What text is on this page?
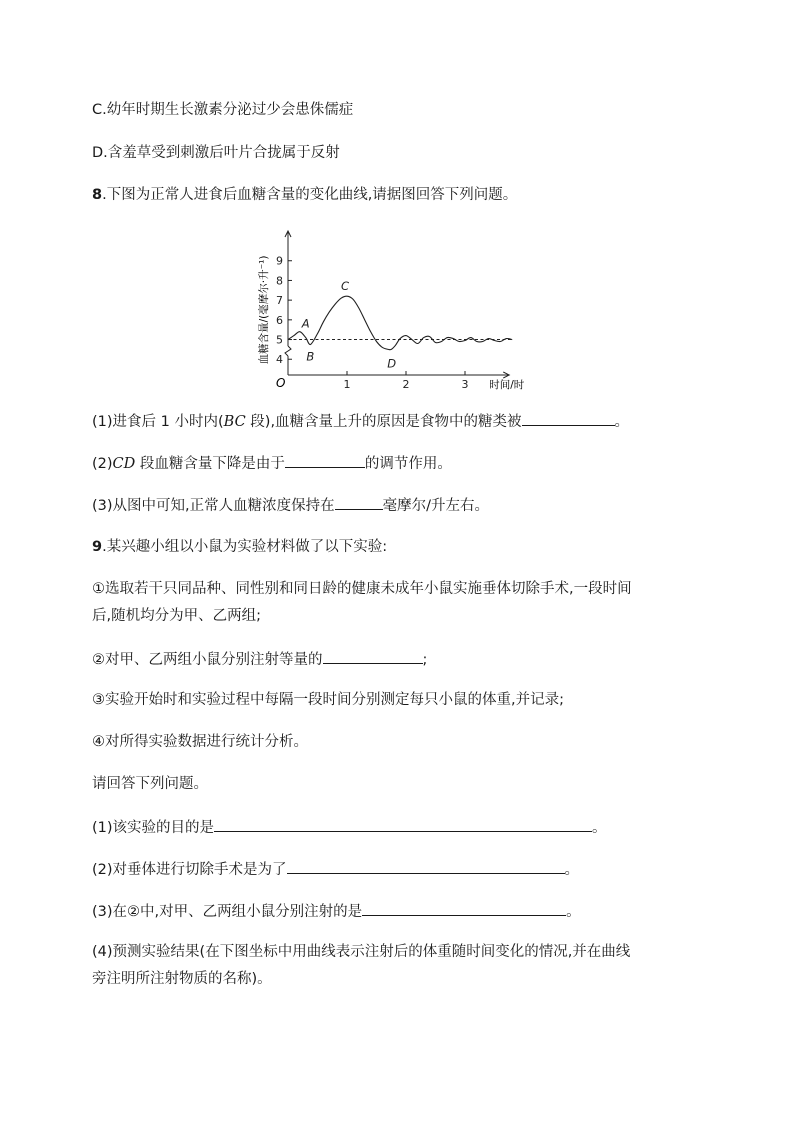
C.幼年时期生长激素分泌过少会患侏儒症
D.含羞草受到刺激后叶片合拢属于反射
8.下图为正常人进食后血糖含量的变化曲线,请据图回答下列问题。
4
5
6
7
8
9
1	2	3
A
B
C
D
血糖含量/(毫摩尔·升⁻¹)
时间/时
O
(1)进食后 1 小时内(BC 段),血糖含量上升的原因是食物中的糖类被	。
(2)CD 段血糖含量下降是由于	的调节作用。
(3)从图中可知,正常人血糖浓度保持在	毫摩尔/升左右。
9.某兴趣小组以小鼠为实验材料做了以下实验:
①选取若干只同品种、同性别和同日龄的健康未成年小鼠实施垂体切除手术,一段时间
后,随机均分为甲、乙两组;
②对甲、乙两组小鼠分别注射等量的	;
③实验开始时和实验过程中每隔一段时间分别测定每只小鼠的体重,并记录;
④对所得实验数据进行统计分析。
请回答下列问题。
(1)该实验的目的是	。
(2)对垂体进行切除手术是为了	。
(3)在②中,对甲、乙两组小鼠分别注射的是	。
(4)预测实验结果(在下图坐标中用曲线表示注射后的体重随时间变化的情况,并在曲线
旁注明所注射物质的名称)。
